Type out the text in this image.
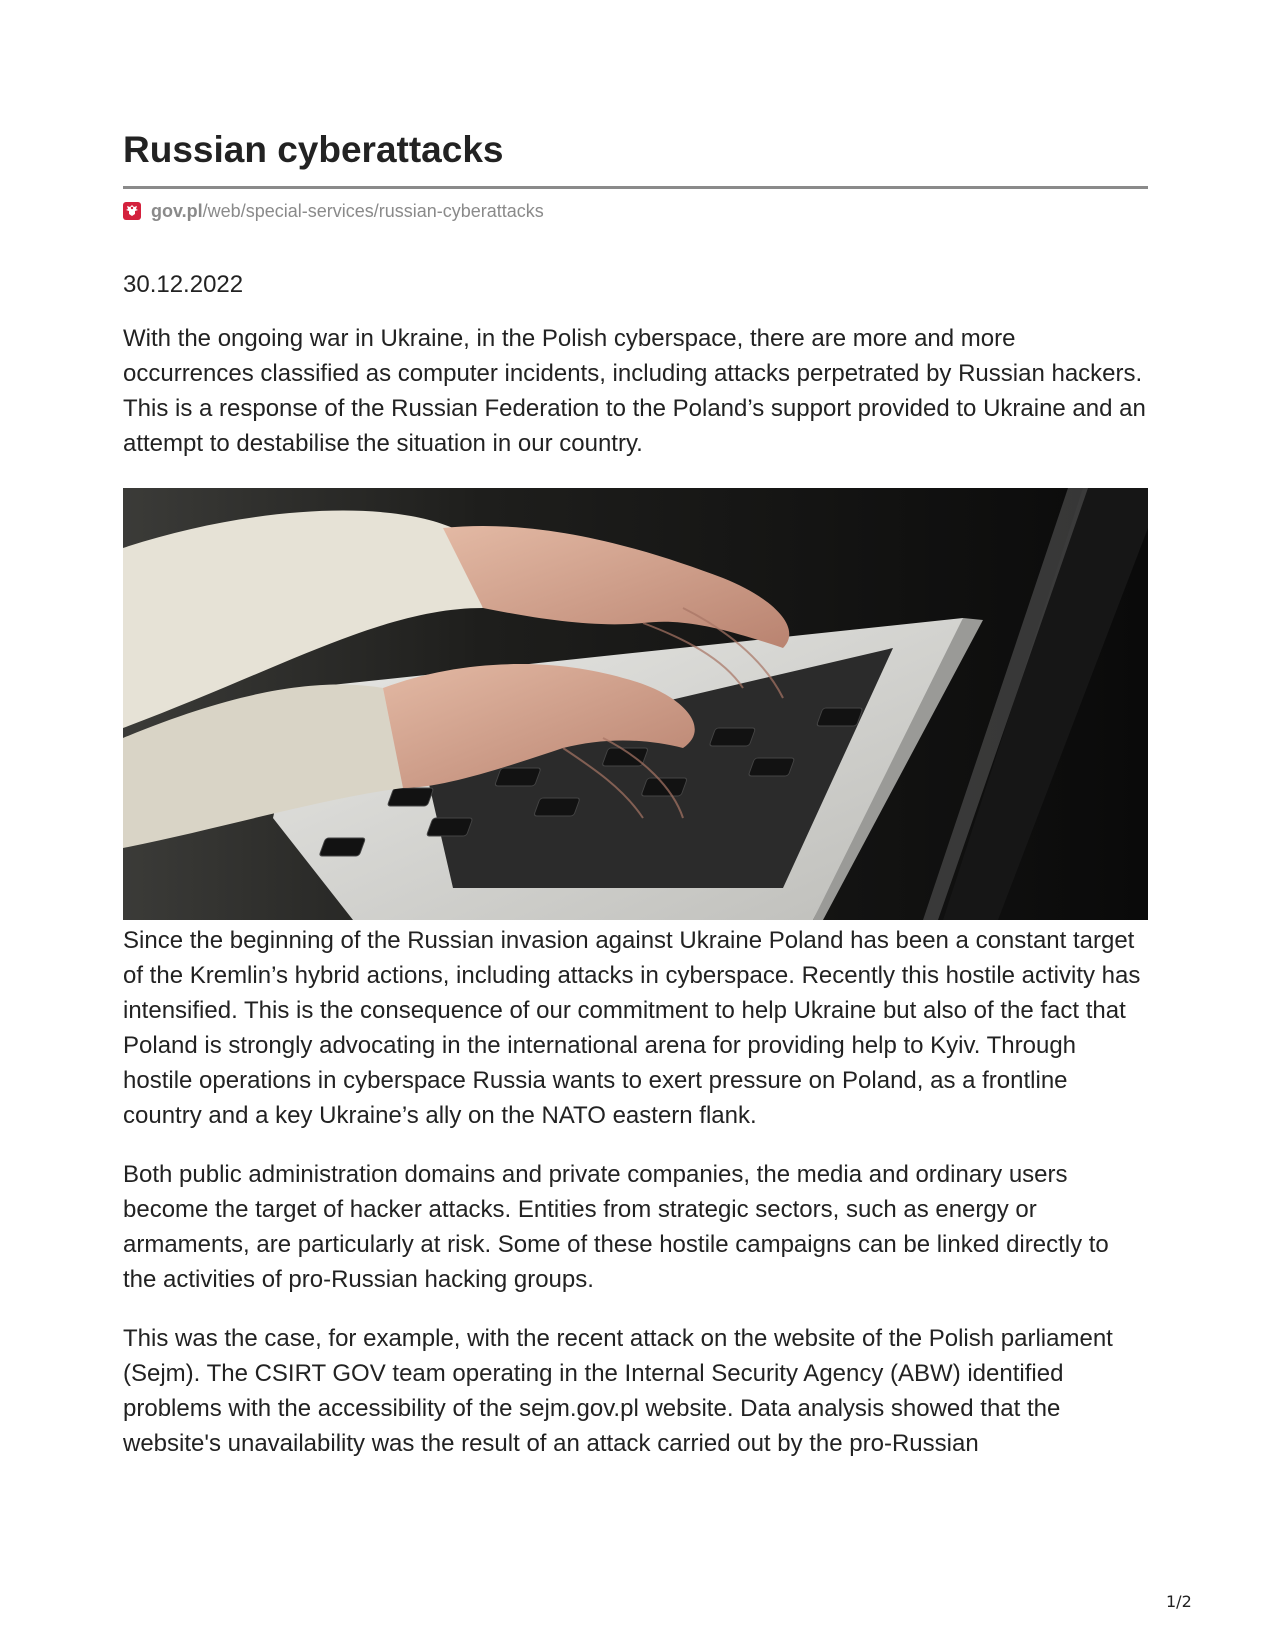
Russian cyberattacks
gov.pl /web/special-services/russian-cyberattacks
30.12.2022

With the ongoing war in Ukraine, in the Polish cyberspace, there are more and more occurrences classified as computer incidents, including attacks perpetrated by Russian hackers. This is a response of the Russian Federation to the Poland’s support provided to Ukraine and an attempt to destabilise the situation in our country.

Since the beginning of the Russian invasion against Ukraine Poland has been a constant target of the Kremlin’s hybrid actions, including attacks in cyberspace. Recently this hostile activity has intensified. This is the consequence of our commitment to help Ukraine but also of the fact that Poland is strongly advocating in the international arena for providing help to Kyiv. Through hostile operations in cyberspace Russia wants to exert pressure on Poland, as a frontline country and a key Ukraine’s ally on the NATO eastern flank.

Both public administration domains and private companies, the media and ordinary users become the target of hacker attacks. Entities from strategic sectors, such as energy or armaments, are particularly at risk. Some of these hostile campaigns can be linked directly to the activities of pro-Russian hacking groups.

This was the case, for example, with the recent attack on the website of the Polish parliament (Sejm). The CSIRT GOV team operating in the Internal Security Agency (ABW) identified problems with the accessibility of the sejm.gov.pl website. Data analysis showed that the website's unavailability was the result of an attack carried out by the pro-Russian

1/2
